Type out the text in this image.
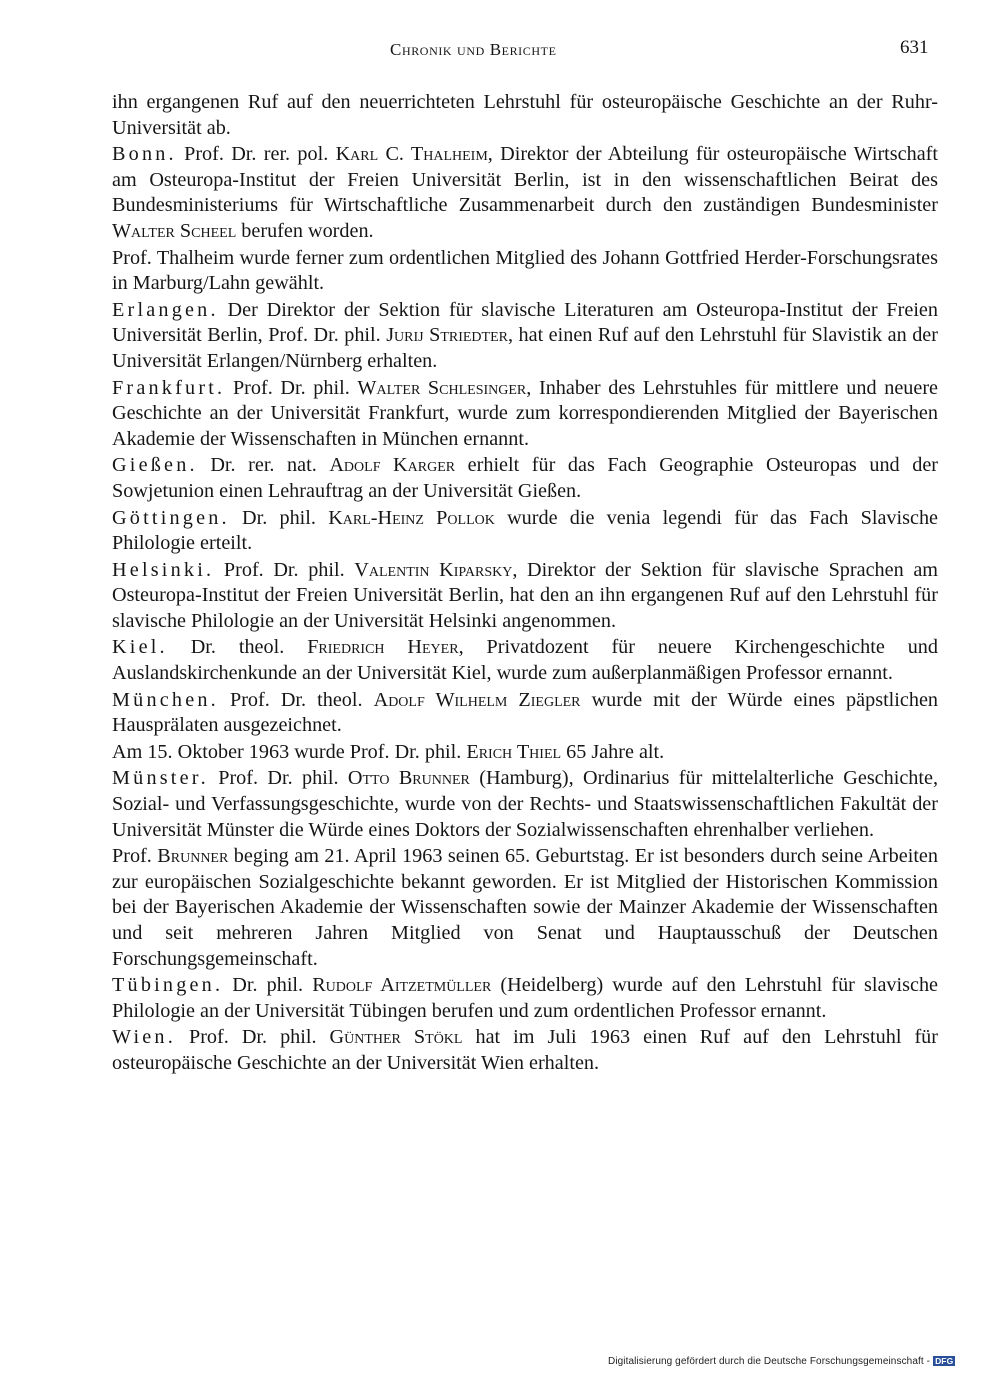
Chronik und Berichte	631

ihn ergangenen Ruf auf den neuerrichteten Lehrstuhl für osteuropäische Geschichte an der Ruhr-Universität ab.

Bonn. Prof. Dr. rer. pol. Karl C. Thalheim, Direktor der Abteilung für osteuropäische Wirtschaft am Osteuropa-Institut der Freien Universität Berlin, ist in den wissenschaftlichen Beirat des Bundesministeriums für Wirtschaftliche Zusammenarbeit durch den zuständigen Bundesminister Walter Scheel berufen worden.

Prof. Thalheim wurde ferner zum ordentlichen Mitglied des Johann Gottfried Herder-Forschungsrates in Marburg/Lahn gewählt.

Erlangen. Der Direktor der Sektion für slavische Literaturen am Osteuropa-Institut der Freien Universität Berlin, Prof. Dr. phil. Jurij Striedter, hat einen Ruf auf den Lehrstuhl für Slavistik an der Universität Erlangen/Nürnberg erhalten.

Frankfurt. Prof. Dr. phil. Walter Schlesinger, Inhaber des Lehrstuhles für mittlere und neuere Geschichte an der Universität Frankfurt, wurde zum korrespondierenden Mitglied der Bayerischen Akademie der Wissenschaften in München ernannt.

Gießen. Dr. rer. nat. Adolf Karger erhielt für das Fach Geographie Osteuropas und der Sowjetunion einen Lehrauftrag an der Universität Gießen.

Göttingen. Dr. phil. Karl-Heinz Pollok wurde die venia legendi für das Fach Slavische Philologie erteilt.

Helsinki. Prof. Dr. phil. Valentin Kiparsky, Direktor der Sektion für slavische Sprachen am Osteuropa-Institut der Freien Universität Berlin, hat den an ihn ergangenen Ruf auf den Lehrstuhl für slavische Philologie an der Universität Helsinki angenommen.

Kiel. Dr. theol. Friedrich Heyer, Privatdozent für neuere Kirchengeschichte und Auslandskirchenkunde an der Universität Kiel, wurde zum außerplanmäßigen Professor ernannt.

München. Prof. Dr. theol. Adolf Wilhelm Ziegler wurde mit der Würde eines päpstlichen Hausprälaten ausgezeichnet.

Am 15. Oktober 1963 wurde Prof. Dr. phil. Erich Thiel 65 Jahre alt.

Münster. Prof. Dr. phil. Otto Brunner (Hamburg), Ordinarius für mittelalterliche Geschichte, Sozial- und Verfassungsgeschichte, wurde von der Rechts- und Staatswissenschaftlichen Fakultät der Universität Münster die Würde eines Doktors der Sozialwissenschaften ehrenhalber verliehen.

Prof. Brunner beging am 21. April 1963 seinen 65. Geburtstag. Er ist besonders durch seine Arbeiten zur europäischen Sozialgeschichte bekannt geworden. Er ist Mitglied der Historischen Kommission bei der Bayerischen Akademie der Wissenschaften sowie der Mainzer Akademie der Wissenschaften und seit mehreren Jahren Mitglied von Senat und Hauptausschuß der Deutschen Forschungsgemeinschaft.

Tübingen. Dr. phil. Rudolf Aitzetmüller (Heidelberg) wurde auf den Lehrstuhl für slavische Philologie an der Universität Tübingen berufen und zum ordentlichen Professor ernannt.

Wien. Prof. Dr. phil. Günther Stökl hat im Juli 1963 einen Ruf auf den Lehrstuhl für osteuropäische Geschichte an der Universität Wien erhalten.

Digitalisierung gefördert durch die Deutsche Forschungsgemeinschaft - DFG
